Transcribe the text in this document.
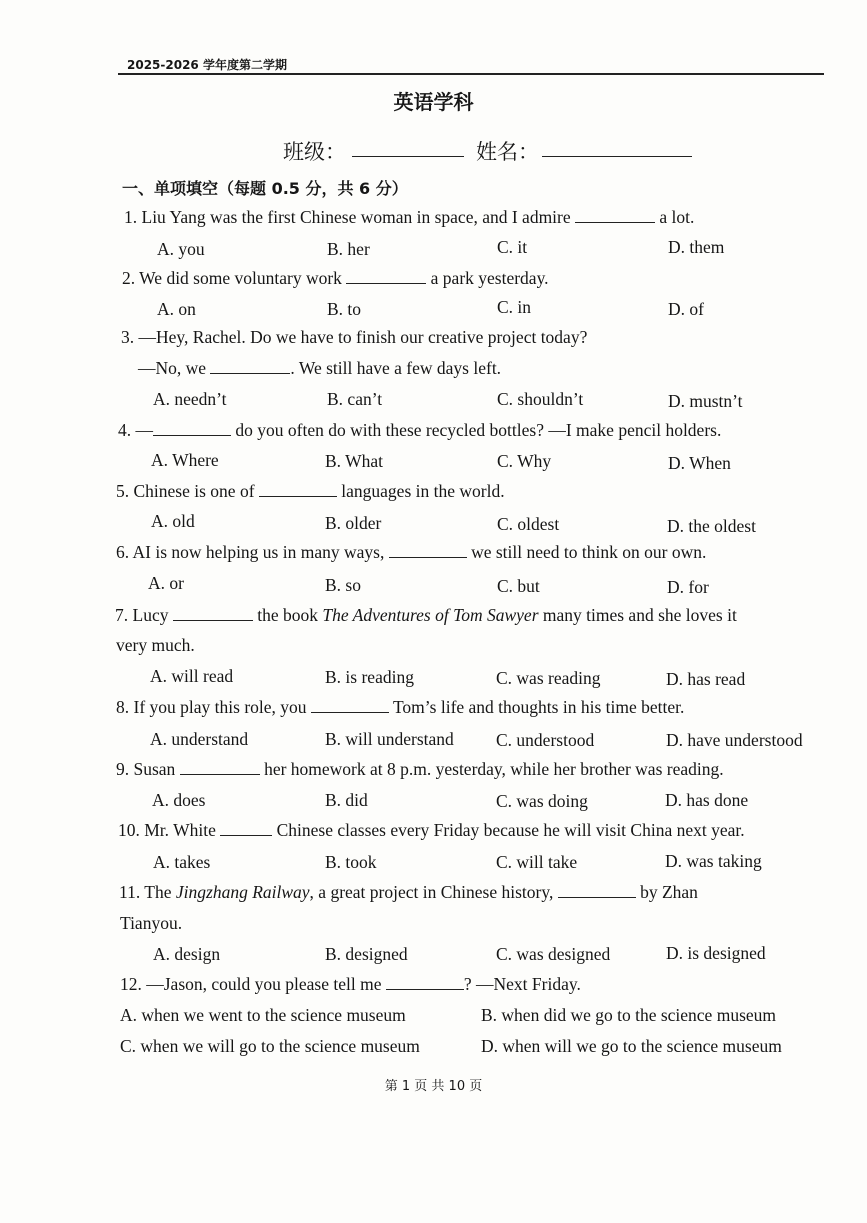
2025-2026 学年度第二学期
英语学科
班级：	姓名：
一、单项填空（每题 0.5 分，共 6 分）
1. Liu Yang was the first Chinese woman in space, and I admire	a lot.
A. you	B. her	C. it	D. them
2. We did some voluntary work	a park yesterday.
A. on	B. to	C. in	D. of
3. —Hey, Rachel. Do we have to finish our creative project today?
—No, we	. We still have a few days left.
A. needn’t	B. can’t	C. shouldn’t	D. mustn’t
4. —	do you often do with these recycled bottles? —I make pencil holders.
A. Where	B. What	C. Why	D. When
5. Chinese is one of	languages in the world.
A. old	B. older	C. oldest	D. the oldest
6. AI is now helping us in many ways,	we still need to think on our own.
A. or	B. so	C. but	D. for
7. Lucy	the book The Adventures of Tom Sawyer many times and she loves it
very much.
A. will read	B. is reading	C. was reading	D. has read
8. If you play this role, you	Tom’s life and thoughts in his time better.
A. understand	B. will understand C. understood	D. have understood
9. Susan	her homework at 8 p.m. yesterday, while her brother was reading.
A. does	B. did	C. was doing	D. has done
10. Mr. White	Chinese classes every Friday because he will visit China next year.
A. takes	B. took	C. will take	D. was taking
11. The Jingzhang Railway, a great project in Chinese history,	by Zhan
Tianyou.
A. design	B. designed	C. was designed	D. is designed
12. —Jason, could you please tell me	? —Next Friday.
A. when we went to the science museum	B. when did we go to the science museum
C. when we will go to the science museum	D. when will we go to the science museum
第 1 页 共 10 页
